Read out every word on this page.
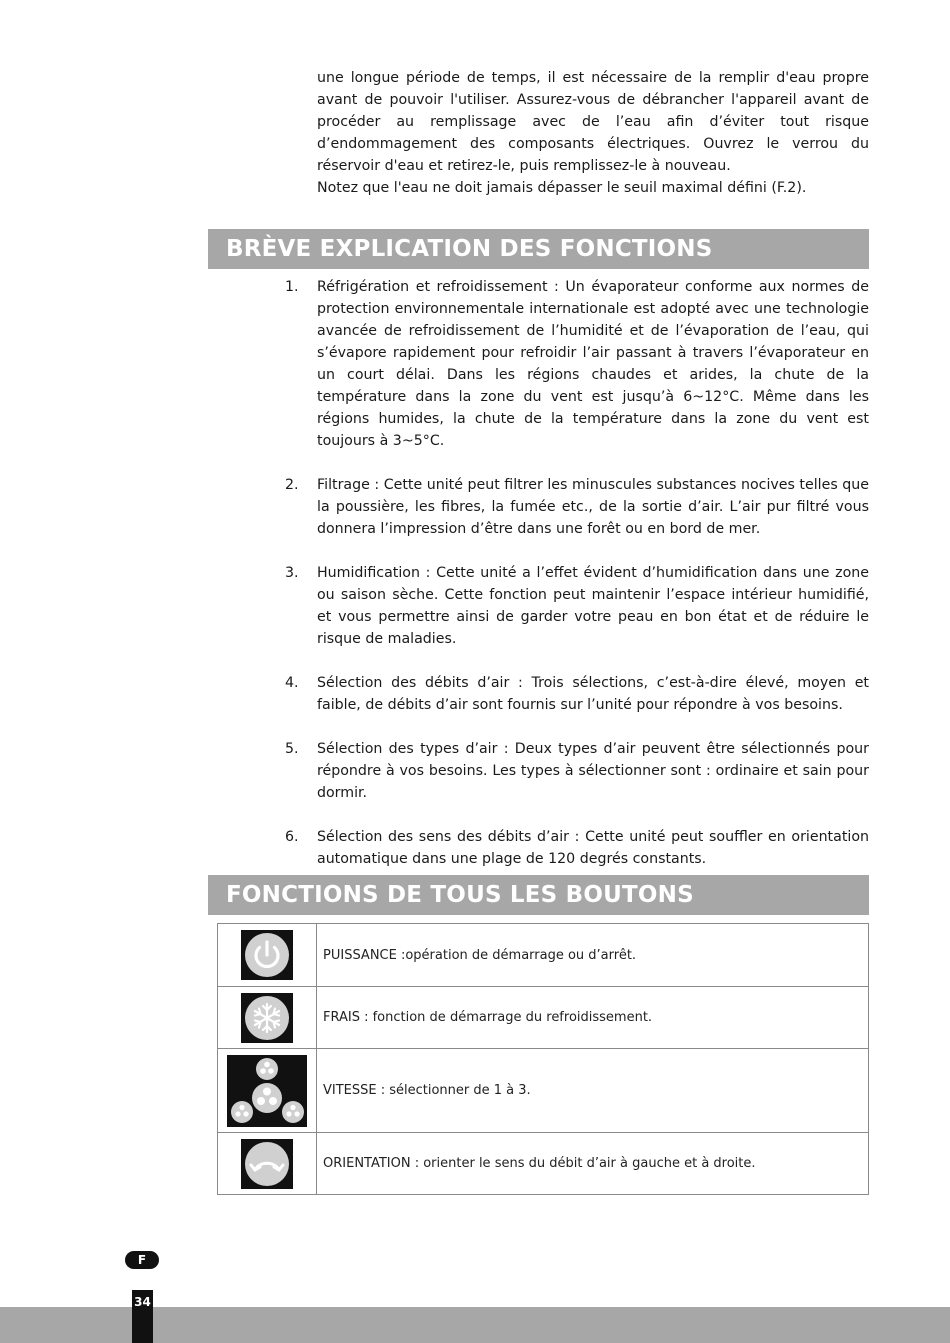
une longue période de temps, il est nécessaire de la remplir d'eau propre avant de pouvoir l'utiliser. Assurez-vous de débrancher l'appareil avant de procéder au remplissage avec de l’eau afin d’éviter tout risque d’endommagement des composants électriques. Ouvrez le verrou du réservoir d'eau et retirez-le, puis remplissez-le à nouveau.

Notez que l'eau ne doit jamais dépasser le seuil maximal défini (F.2).

BRÈVE EXPLICATION DES FONCTIONS
1. Réfrigération et refroidissement : Un évaporateur conforme aux normes de protection environnementale internationale est adopté avec une technologie avancée de refroidissement de l’humidité et de l’évaporation de l’eau, qui s’évapore rapidement pour refroidir l’air passant à travers l’évaporateur en un court délai. Dans les régions chaudes et arides, la chute de la température dans la zone du vent est jusqu’à 6~12°C. Même dans les régions humides, la chute de la température dans la zone du vent est toujours à 3~5°C.
2. Filtrage : Cette unité peut filtrer les minuscules substances nocives telles que la poussière, les fibres, la fumée etc., de la sortie d’air. L’air pur filtré vous donnera l’impression d’être dans une forêt ou en bord de mer.
3. Humidification : Cette unité a l’effet évident d’humidification dans une zone ou saison sèche. Cette fonction peut maintenir l’espace intérieur humidifié, et vous permettre ainsi de garder votre peau en bon état et de réduire le risque de maladies.
4. Sélection des débits d’air : Trois sélections, c’est-à-dire élevé, moyen et faible, de débits d’air sont fournis sur l’unité pour répondre à vos besoins.
5. Sélection des types d’air : Deux types d’air peuvent être sélectionnés pour répondre à vos besoins. Les types à sélectionner sont : ordinaire et sain pour dormir.
6. Sélection des sens des débits d’air : Cette unité peut souffler en orientation automatique dans une plage de 120 degrés constants.
FONCTIONS DE TOUS LES BOUTONS
	PUISSANCE :opération de démarrage ou d’arrêt.
	FRAIS : fonction de démarrage du refroidissement.
	VITESSE : sélectionner de 1 à 3.
	ORIENTATION : orienter le sens du débit d’air à gauche et à droite.
F
34
